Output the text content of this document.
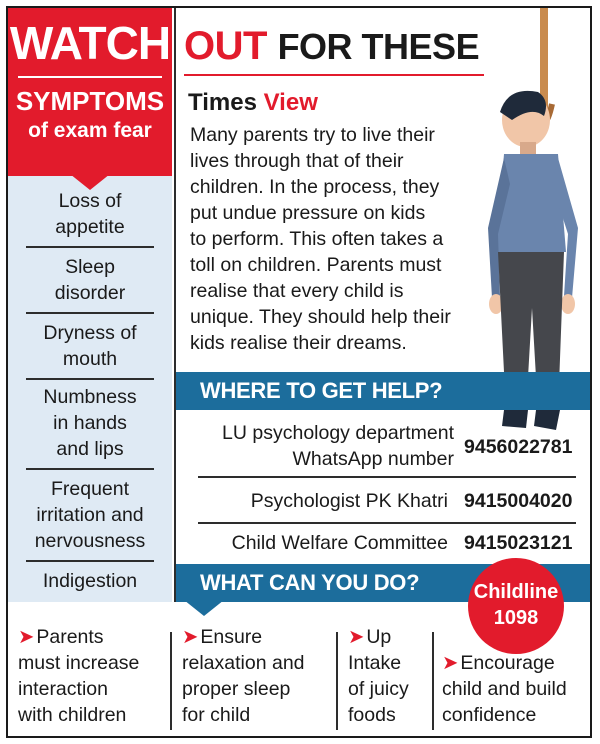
WATCH
SYMPTOMS
of exam fear
Loss of
appetite
Sleep
disorder
Dryness of
mouth
Numbness
in hands
and lips
Frequent
irritation and
nervousness
Indigestion
OUT FOR THESE
Times View
Many parents try to live their
lives through that of their
children. In the process, they
put undue pressure on kids
to perform. This often takes a
toll on children. Parents must
realise that every child is
unique. They should help their
kids realise their dreams.
WHERE TO GET HELP?
LU psychology department
WhatsApp number
9456022781
Psychologist PK Khatri 9415004020
Child Welfare Committee 9415023121
WHAT CAN YOU DO?	Childline
1098
➤ Parents
must increase
interaction
with children
➤ Ensure
relaxation and
proper sleep
for child
➤ Up
Intake
of juicy
foods
➤ Encourage
child and build
confidence
